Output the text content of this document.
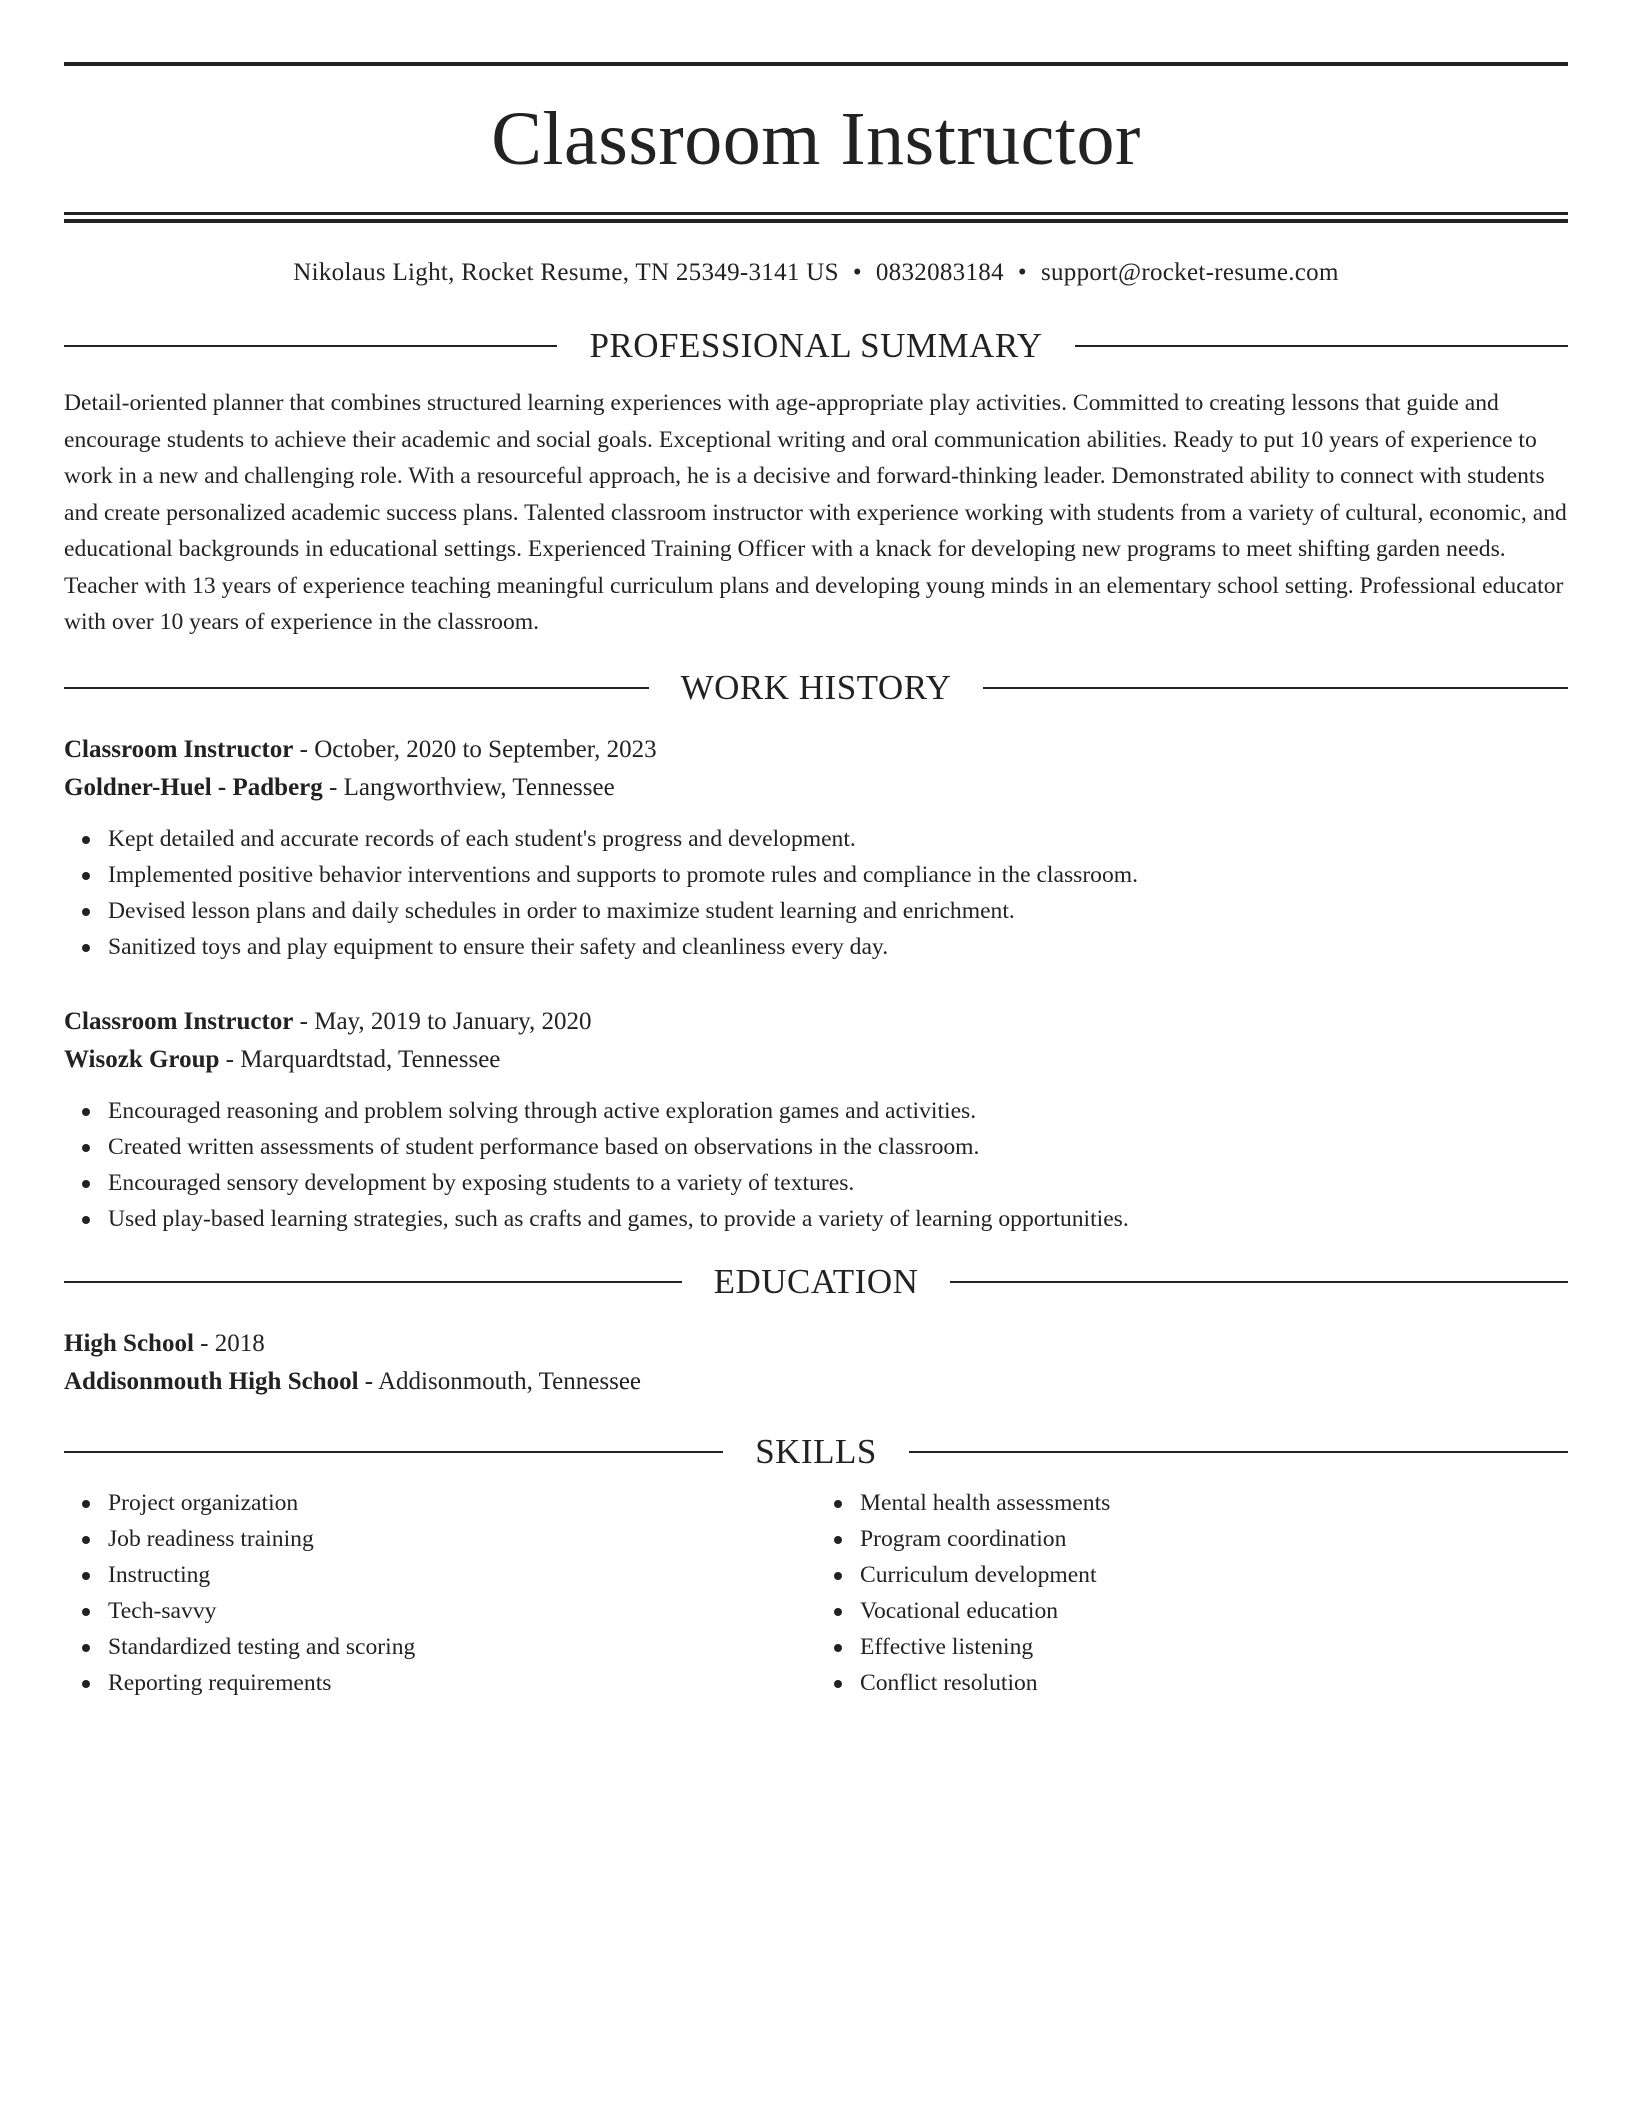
Classroom Instructor
Nikolaus Light, Rocket Resume, TN 25349-3141 US • 0832083184 • support@rocket-resume.com
PROFESSIONAL SUMMARY

Detail-oriented planner that combines structured learning experiences with age-appropriate play activities. Committed to creating lessons that guide and encourage students to achieve their academic and social goals. Exceptional writing and oral communication abilities. Ready to put 10 years of experience to work in a new and challenging role. With a resourceful approach, he is a decisive and forward-thinking leader. Demonstrated ability to connect with students and create personalized academic success plans. Talented classroom instructor with experience working with students from a variety of cultural, economic, and educational backgrounds in educational settings. Experienced Training Officer with a knack for developing new programs to meet shifting garden needs. Teacher with 13 years of experience teaching meaningful curriculum plans and developing young minds in an elementary school setting. Professional educator with over 10 years of experience in the classroom.

WORK HISTORY
Classroom Instructor - October, 2020 to September, 2023
Goldner-Huel - Padberg - Langworthview, Tennessee
Kept detailed and accurate records of each student's progress and development.
Implemented positive behavior interventions and supports to promote rules and compliance in the classroom.
Devised lesson plans and daily schedules in order to maximize student learning and enrichment.
Sanitized toys and play equipment to ensure their safety and cleanliness every day.
Classroom Instructor - May, 2019 to January, 2020
Wisozk Group - Marquardtstad, Tennessee
Encouraged reasoning and problem solving through active exploration games and activities.
Created written assessments of student performance based on observations in the classroom.
Encouraged sensory development by exposing students to a variety of textures.
Used play-based learning strategies, such as crafts and games, to provide a variety of learning opportunities.
EDUCATION
High School - 2018
Addisonmouth High School - Addisonmouth, Tennessee
SKILLS
Project organization
Job readiness training
Instructing
Tech-savvy
Standardized testing and scoring
Reporting requirements
Mental health assessments
Program coordination
Curriculum development
Vocational education
Effective listening
Conflict resolution
